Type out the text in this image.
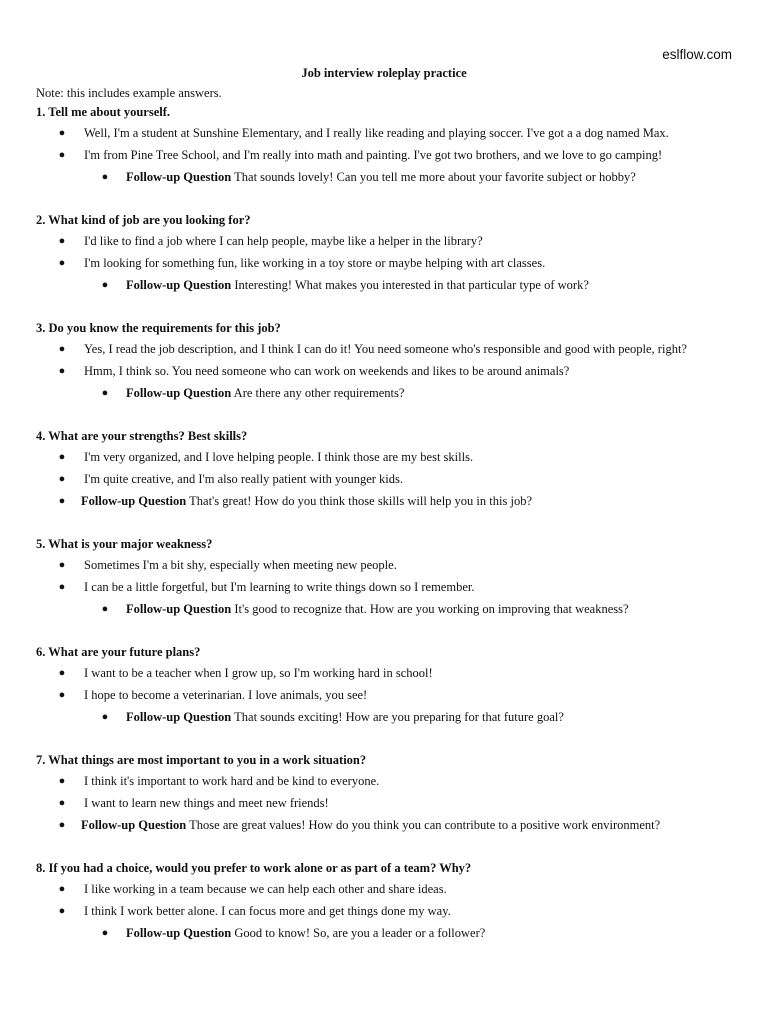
eslflow.com
Job interview roleplay practice
Note: this includes example answers.
1. Tell me about yourself.
● Well, I'm a student at Sunshine Elementary, and I really like reading and playing soccer. I've got a a dog named Max.
● I'm from Pine Tree School, and I'm really into math and painting. I've got two brothers, and we love to go camping!
● Follow-up Question That sounds lovely! Can you tell me more about your favorite subject or hobby?
2. What kind of job are you looking for?
● I'd like to find a job where I can help people, maybe like a helper in the library?
● I'm looking for something fun, like working in a toy store or maybe helping with art classes.
● Follow-up Question Interesting! What makes you interested in that particular type of work?
3. Do you know the requirements for this job?
● Yes, I read the job description, and I think I can do it! You need someone who's responsible and good with people, right?
● Hmm, I think so. You need someone who can work on weekends and likes to be around animals?
● Follow-up Question Are there any other requirements?
4. What are your strengths? Best skills?
● I'm very organized, and I love helping people. I think those are my best skills.
● I'm quite creative, and I'm also really patient with younger kids.
● Follow-up Question That's great! How do you think those skills will help you in this job?
5. What is your major weakness?
● Sometimes I'm a bit shy, especially when meeting new people.
● I can be a little forgetful, but I'm learning to write things down so I remember.
● Follow-up Question It's good to recognize that. How are you working on improving that weakness?
6. What are your future plans?
● I want to be a teacher when I grow up, so I'm working hard in school!
● I hope to become a veterinarian. I love animals, you see!
● Follow-up Question That sounds exciting! How are you preparing for that future goal?
7. What things are most important to you in a work situation?
● I think it's important to work hard and be kind to everyone.
● I want to learn new things and meet new friends!
● Follow-up Question Those are great values! How do you think you can contribute to a positive work environment?
8. If you had a choice, would you prefer to work alone or as part of a team? Why?
● I like working in a team because we can help each other and share ideas.
● I think I work better alone. I can focus more and get things done my way.
● Follow-up Question Good to know! So, are you a leader or a follower?
